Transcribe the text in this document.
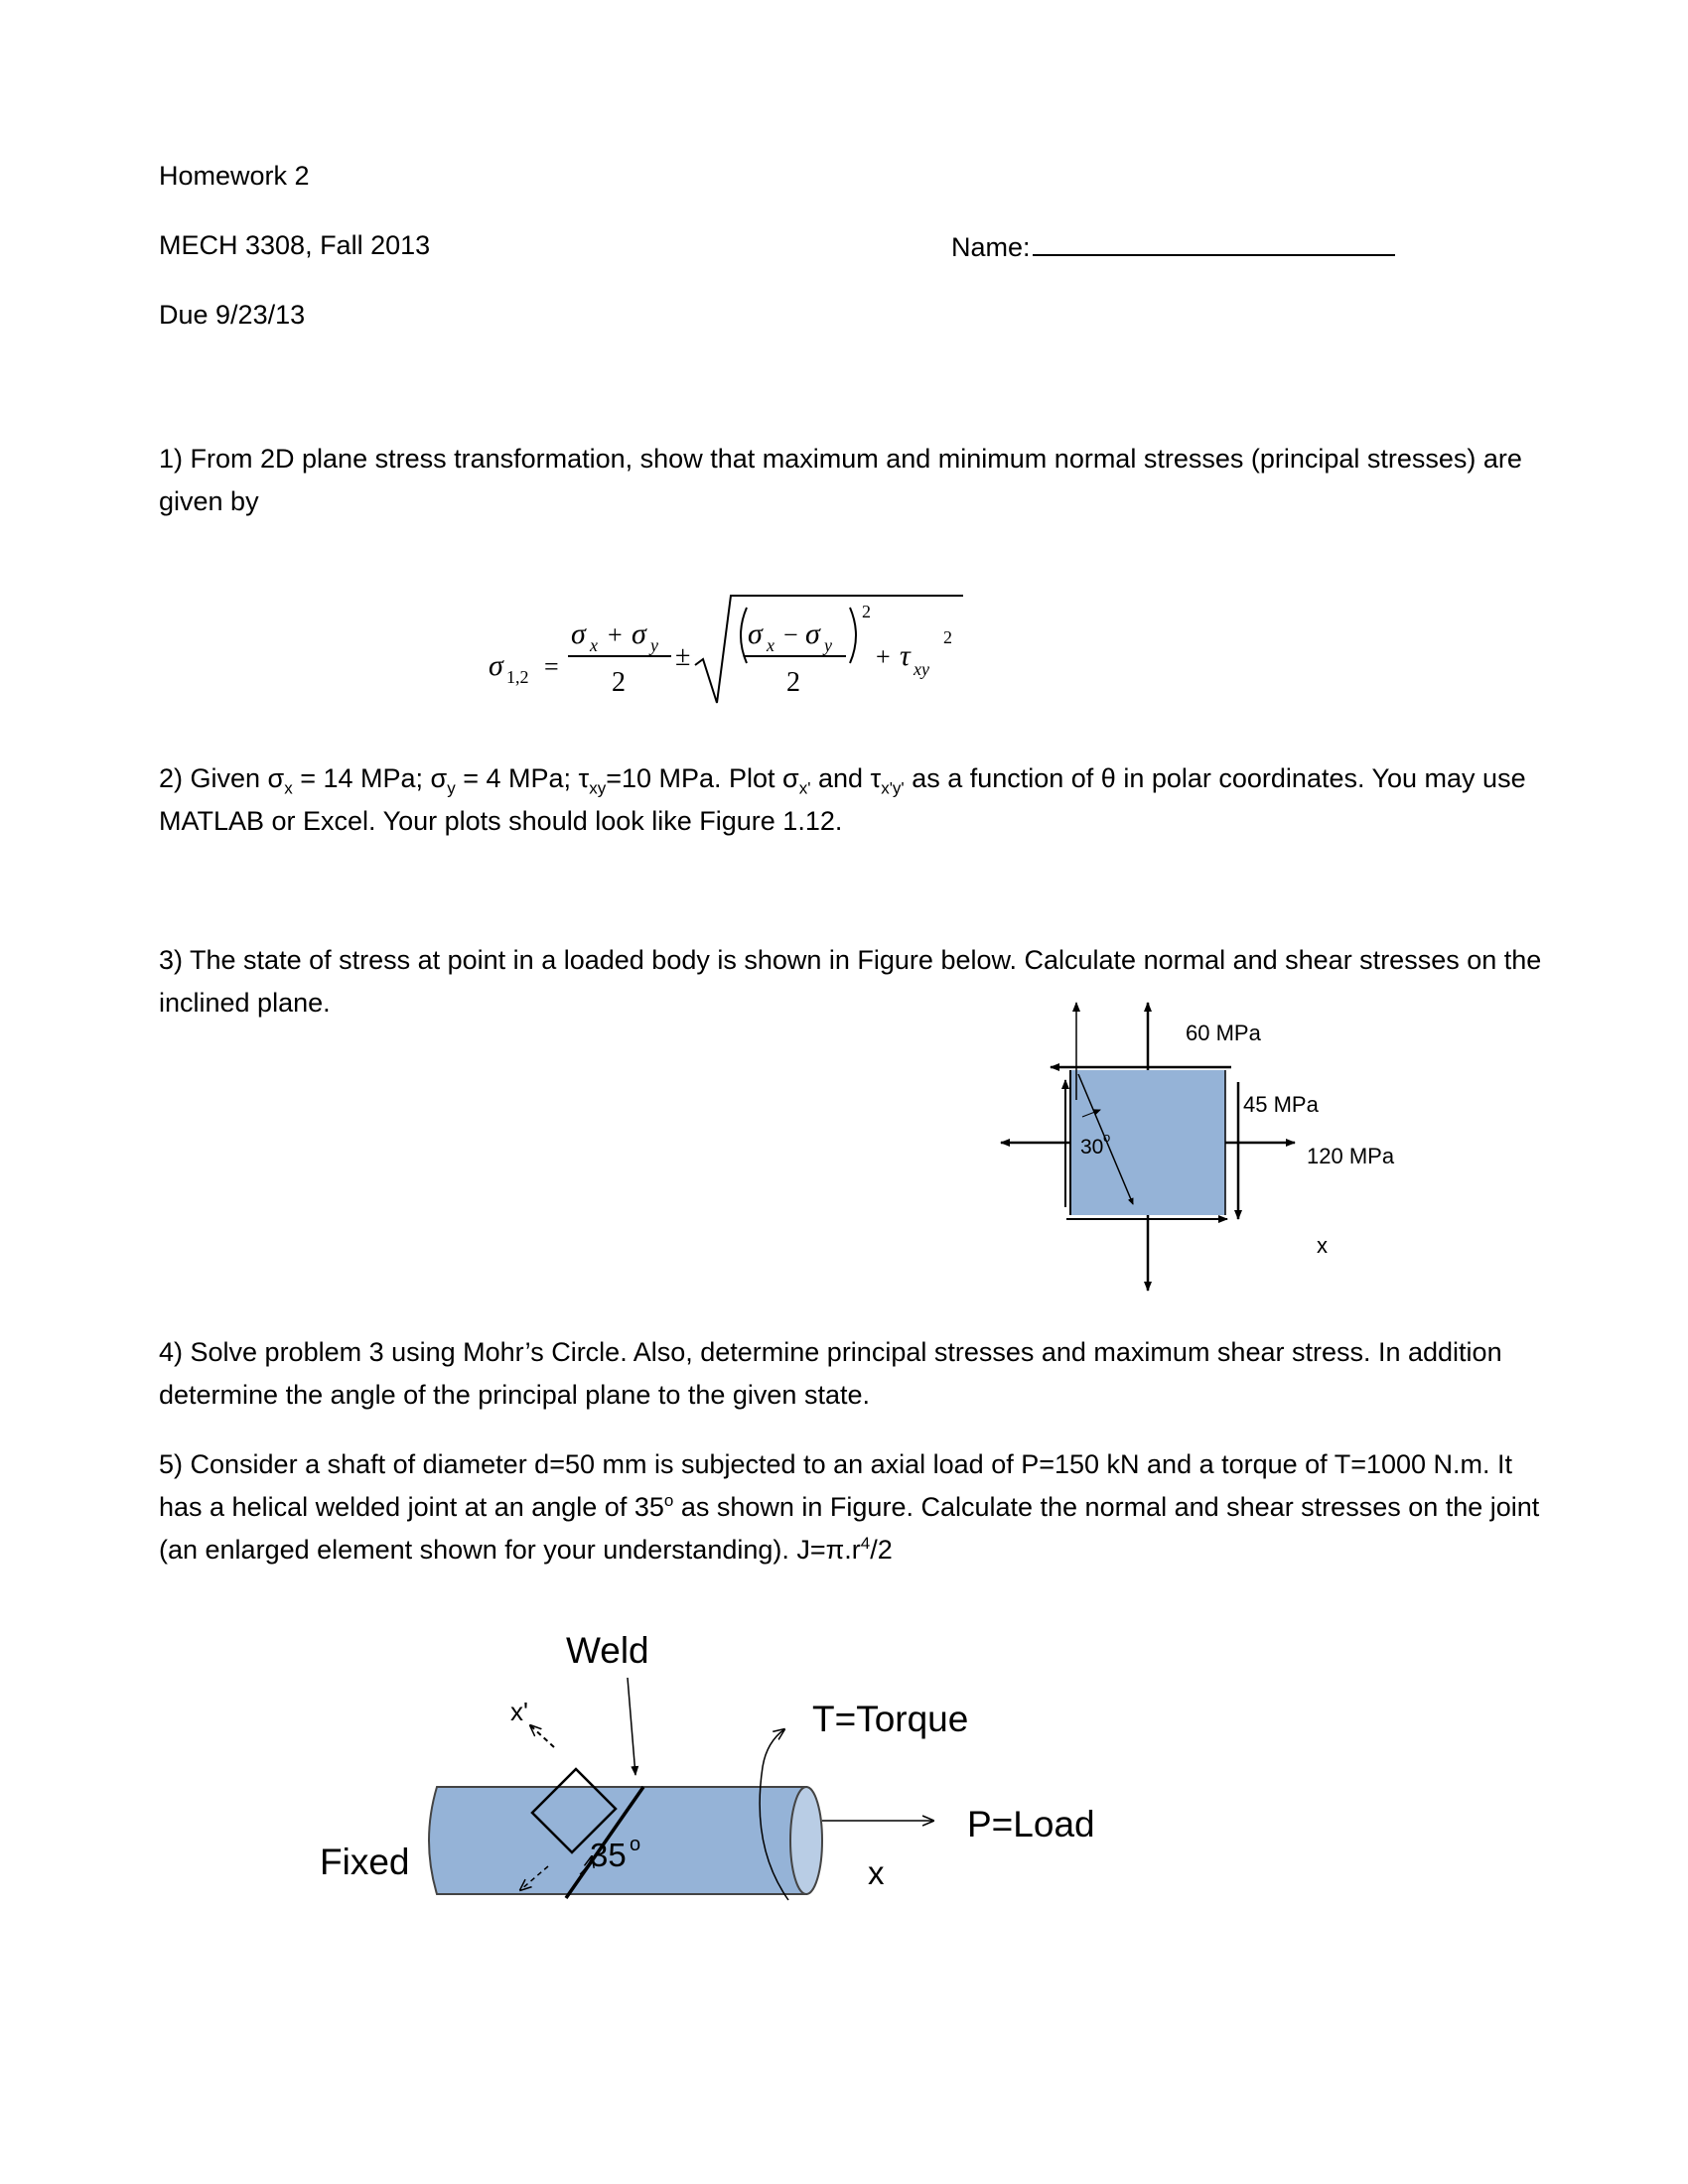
Homework 2
MECH 3308, Fall 2013	Name:
Due 9/23/13
1) From 2D plane stress transformation, show that maximum and minimum normal stresses (principal stresses) are given by
σ 1,2 =
σ x + σ y
2
±
σ x − σ y
2
2
+ τ xy
2
2) Given $\sigma_x = 14$ MPa; $\sigma_y = 4$ MPa; $\tau_{xy}=10$ MPa. Plot $\sigma_{x'}$ and $\tau_{x'y'}$ as a function of θ in polar coordinates. You may use MATLAB or Excel. Your plots should look like Figure 1.12.
3) The state of stress at point in a loaded body is shown in Figure below. Calculate normal and shear stresses on the inclined plane.
30 o
60 MPa
45 MPa
120 MPa
x
4) Solve problem 3 using Mohr’s Circle. Also, determine principal stresses and maximum shear stress. In addition determine the angle of the principal plane to the given state.
5) Consider a shaft of diameter d=50 mm is subjected to an axial load of P=150 kN and a torque of T=1000 N.m. It has a helical welded joint at an angle of 35$^o$ as shown in Figure. Calculate the normal and shear stresses on the joint (an enlarged element shown for your understanding). $J=\pi.r^4/2$
Weld
x'	T=Torque
P=Load
Fixed	35 o
x
